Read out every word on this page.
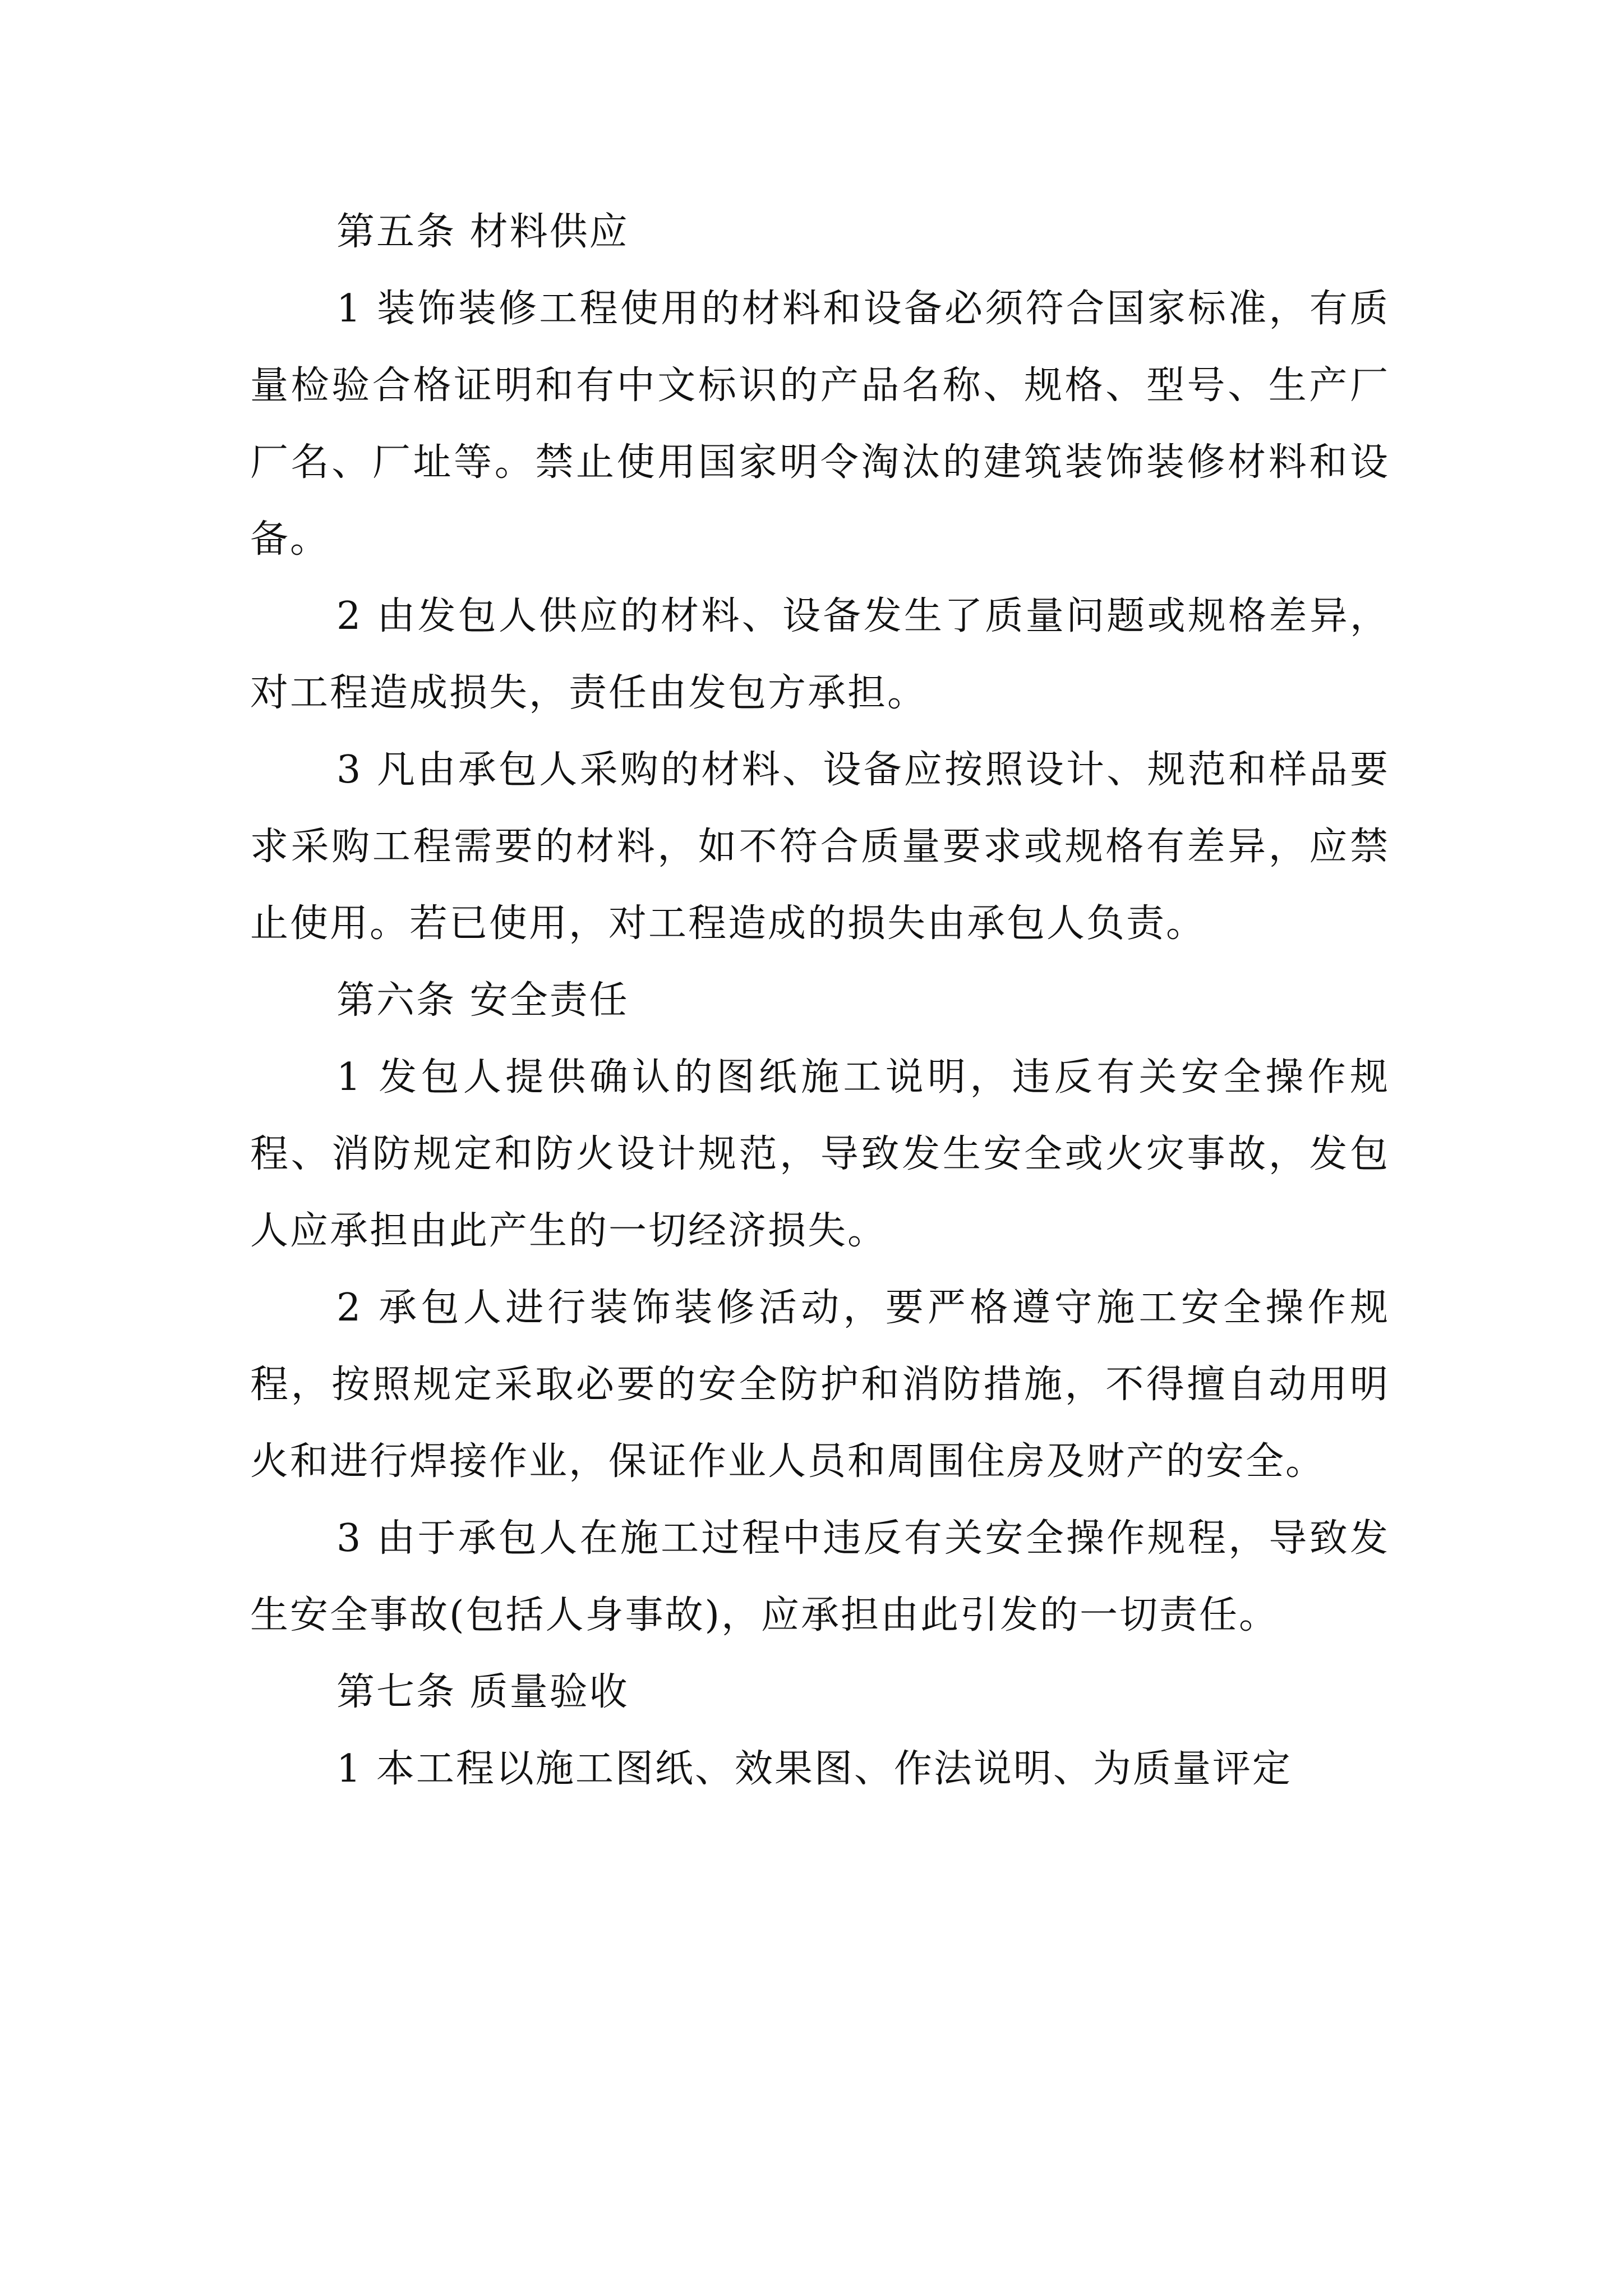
第五条 材料供应

1 装饰装修工程使用的材料和设备必须符合国家标准，有质量检验合格证明和有中文标识的产品名称、规格、型号、生产厂厂名、厂址等。禁止使用国家明令淘汰的建筑装饰装修材料和设备。

2 由发包人供应的材料、设备发生了质量问题或规格差异，对工程造成损失，责任由发包方承担。

3 凡由承包人采购的材料、设备应按照设计、规范和样品要求采购工程需要的材料，如不符合质量要求或规格有差异，应禁止使用。若已使用，对工程造成的损失由承包人负责。

第六条 安全责任

1 发包人提供确认的图纸施工说明，违反有关安全操作规程、消防规定和防火设计规范，导致发生安全或火灾事故，发包人应承担由此产生的一切经济损失。

2 承包人进行装饰装修活动，要严格遵守施工安全操作规程，按照规定采取必要的安全防护和消防措施，不得擅自动用明火和进行焊接作业，保证作业人员和周围住房及财产的安全。

3 由于承包人在施工过程中违反有关安全操作规程，导致发生安全事故(包括人身事故)，应承担由此引发的一切责任。

第七条 质量验收

1 本工程以施工图纸、效果图、作法说明、为质量评定
